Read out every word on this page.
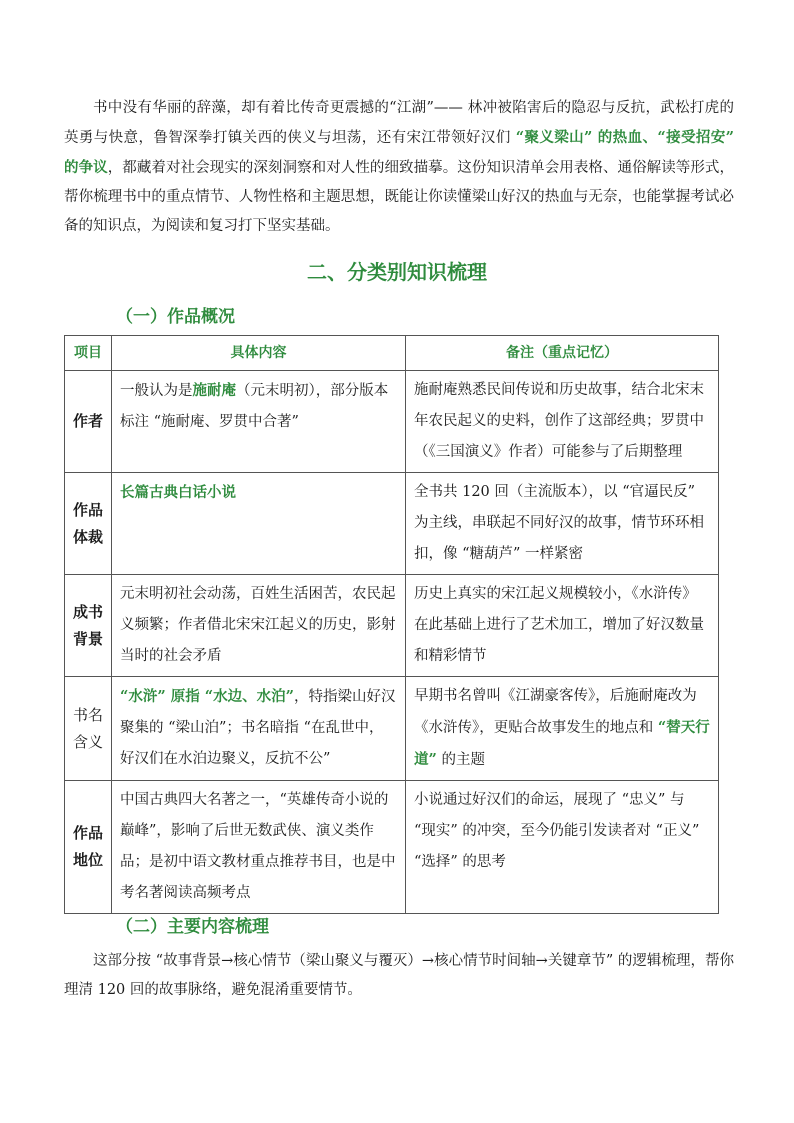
书中没有华丽的辞藻，却有着比传奇更震撼的“江湖”—— 林冲被陷害后的隐忍与反抗，武松打虎的英勇与快意，鲁智深拳打镇关西的侠义与坦荡，还有宋江带领好汉们 “聚义梁山” 的热血、“接受招安” 的争议，都藏着对社会现实的深刻洞察和对人性的细致描摹。这份知识清单会用表格、通俗解读等形式，帮你梳理书中的重点情节、人物性格和主题思想，既能让你读懂梁山好汉的热血与无奈，也能掌握考试必备的知识点，为阅读和复习打下坚实基础。

二、分类别知识梳理
（一）作品概况
项目	具体内容	备注（重点记忆）
作者	一般认为是施耐庵（元末明初），部分版本标注 “施耐庵、罗贯中合著”	施耐庵熟悉民间传说和历史故事，结合北宋末年农民起义的史料，创作了这部经典；罗贯中（《三国演义》作者）可能参与了后期整理
作品
体裁	长篇古典白话小说	全书共 120 回（主流版本），以 “官逼民反” 为主线，串联起不同好汉的故事，情节环环相扣，像 “糖葫芦” 一样紧密
成书
背景	元末明初社会动荡，百姓生活困苦，农民起义频繁；作者借北宋宋江起义的历史，影射当时的社会矛盾	历史上真实的宋江起义规模较小，《水浒传》在此基础上进行了艺术加工，增加了好汉数量和精彩情节
书名
含义	“水浒” 原指 “水边、水泊”，特指梁山好汉聚集的 “梁山泊”；书名暗指 “在乱世中，好汉们在水泊边聚义，反抗不公”	早期书名曾叫《江湖豪客传》，后施耐庵改为《水浒传》，更贴合故事发生的地点和 “替天行道” 的主题
作品
地位	中国古典四大名著之一，“英雄传奇小说的巅峰”，影响了后世无数武侠、演义类作品；是初中语文教材重点推荐书目，也是中考名著阅读高频考点	小说通过好汉们的命运，展现了 “忠义” 与 “现实” 的冲突，至今仍能引发读者对 “正义” “选择” 的思考
（二）主要内容梳理

这部分按 “故事背景→核心情节（梁山聚义与覆灭）→核心情节时间轴→关键章节” 的逻辑梳理，帮你理清 120 回的故事脉络，避免混淆重要情节。
